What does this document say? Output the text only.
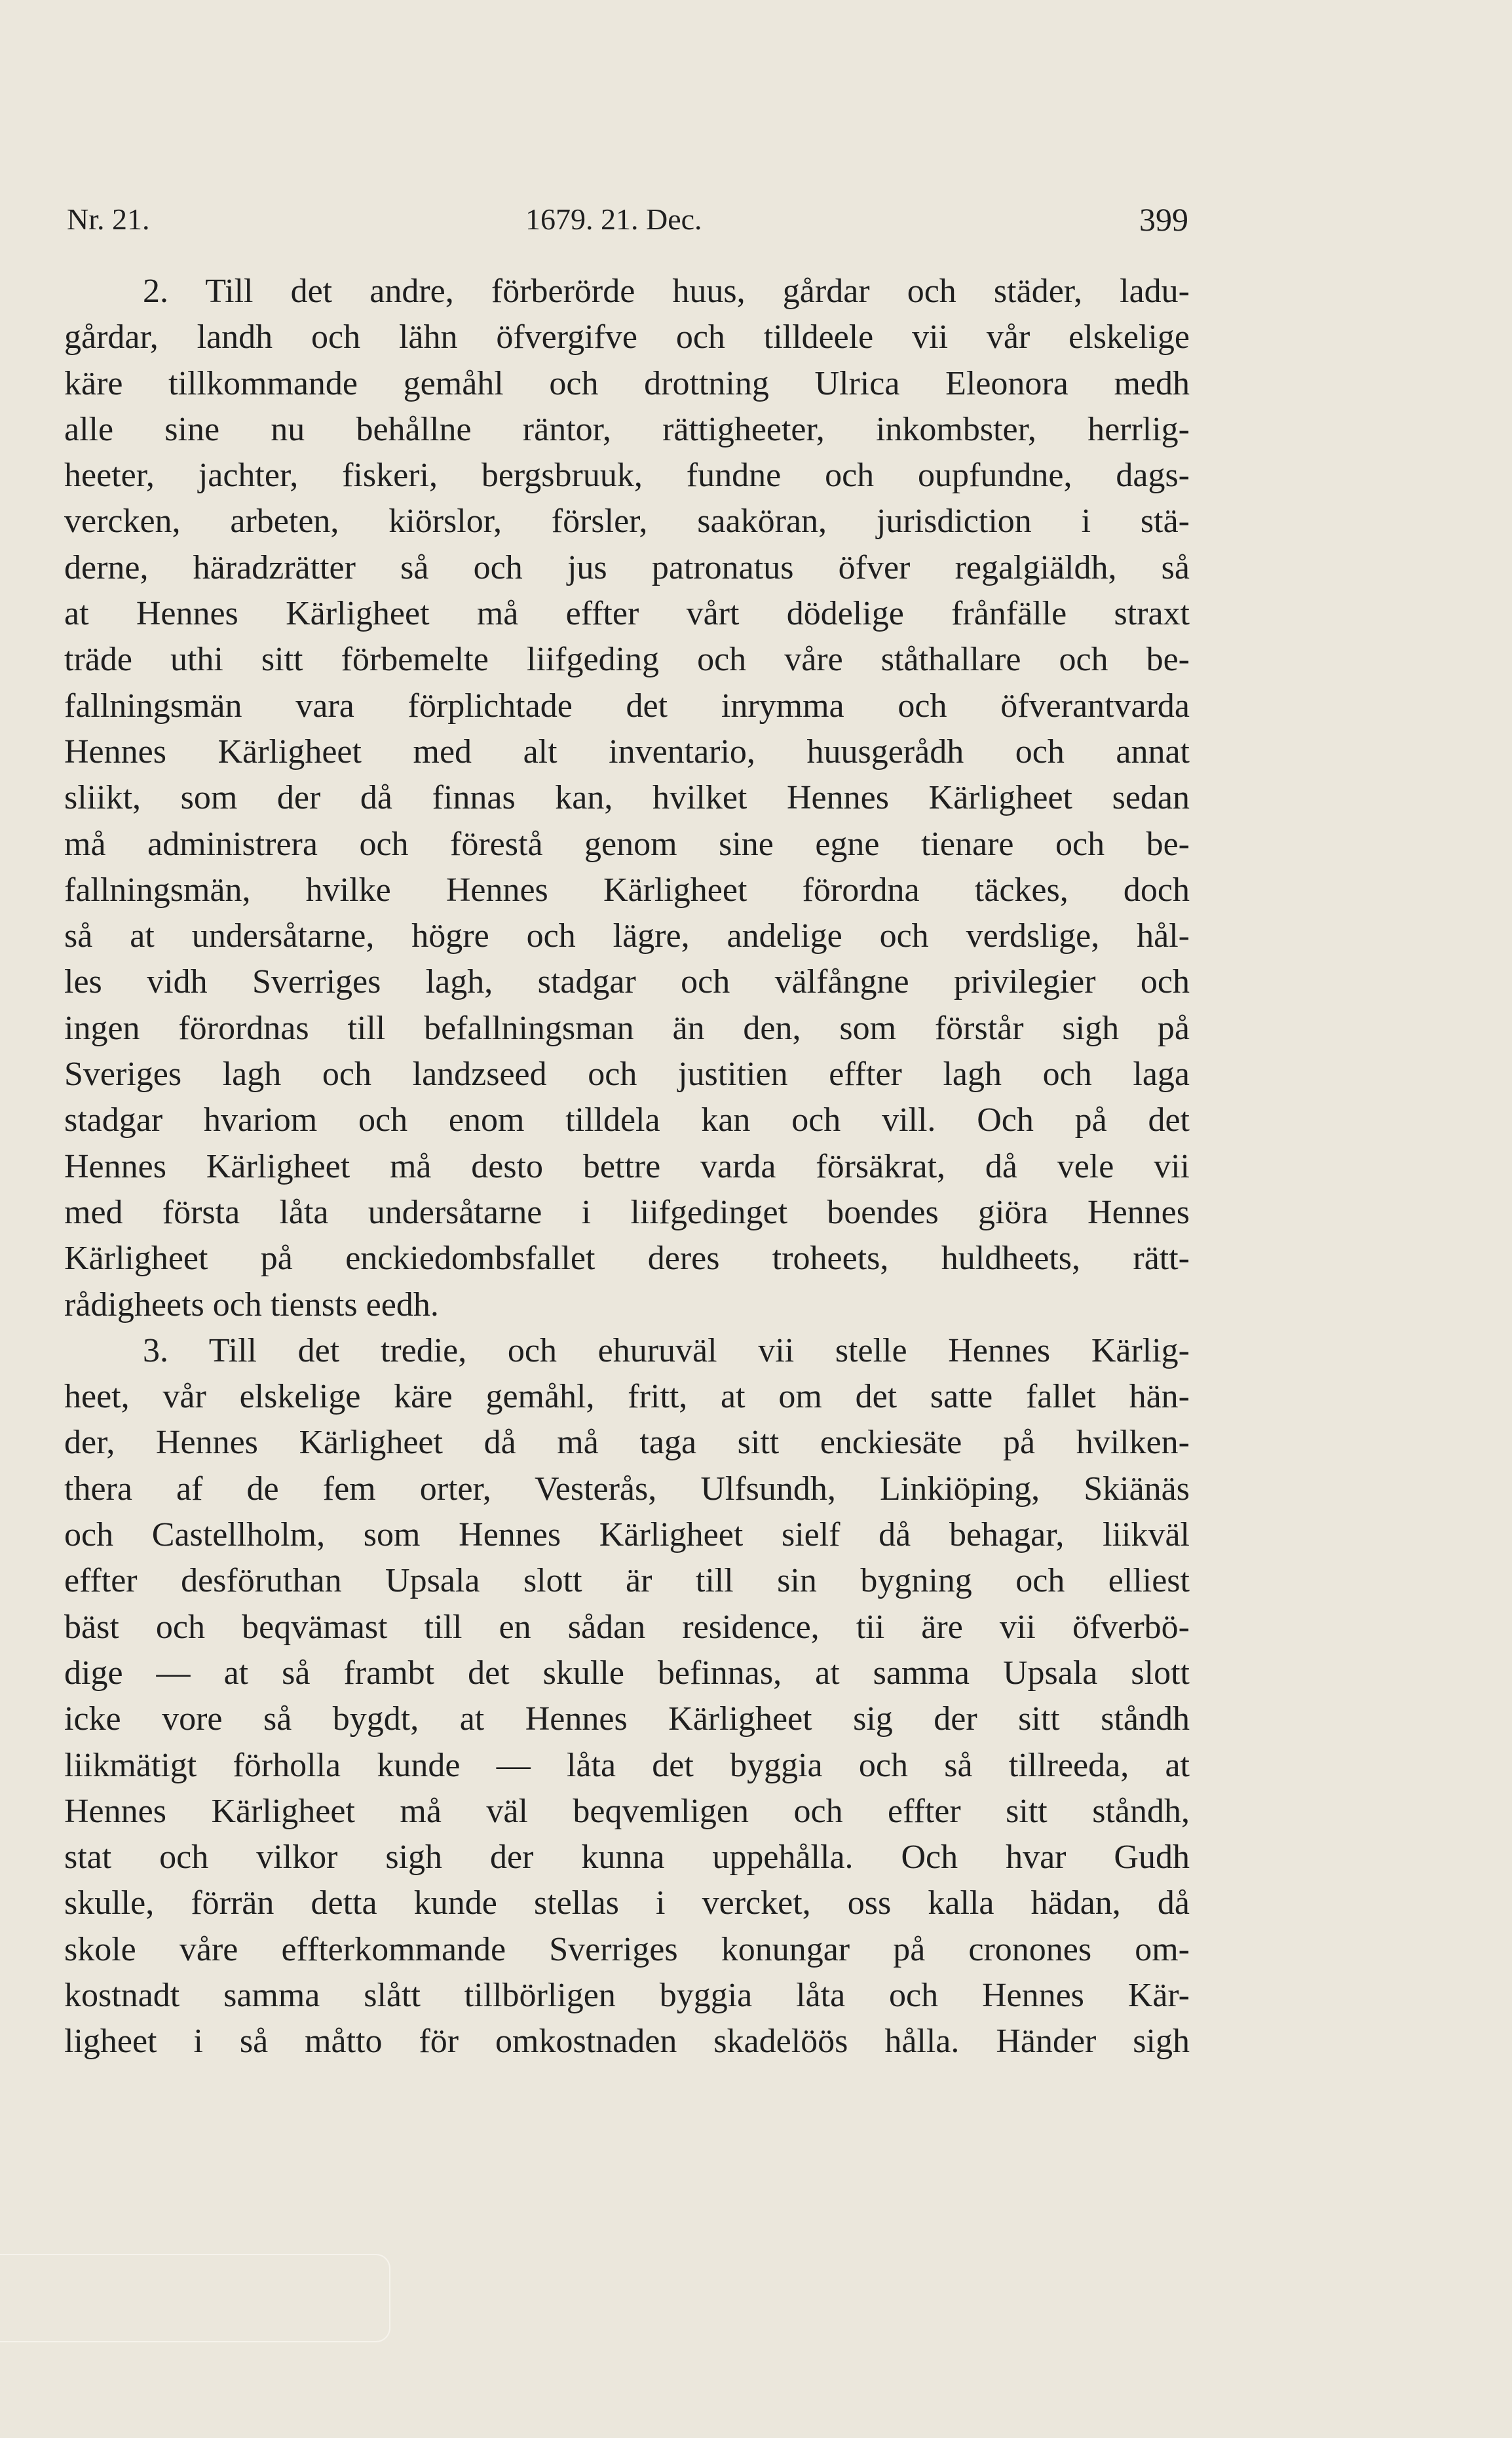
Nr. 21.	1679. 21. Dec.	399
2. Till det andre, förberörde huus, gårdar och städer, ladu-
gårdar, landh och lähn öfvergifve och tilldeele vii vår elskelige
käre tillkommande gemåhl och drottning Ulrica Eleonora medh
alle sine nu behållne räntor, rättigheeter, inkombster, herrlig-
heeter, jachter, fiskeri, bergsbruuk, fundne och oupfundne, dags-
vercken, arbeten, kiörslor, försler, saaköran, jurisdiction i stä-
derne, häradzrätter så och jus patronatus öfver regalgiäldh, så
at Hennes Kärligheet må effter vårt dödelige frånfälle straxt
träde uthi sitt förbemelte liifgeding och våre ståthallare och be-
fallningsmän vara förplichtade det inrymma och öfverantvarda
Hennes Kärligheet med alt inventario, huusgerådh och annat
sliikt, som der då finnas kan, hvilket Hennes Kärligheet sedan
må administrera och förestå genom sine egne tienare och be-
fallningsmän, hvilke Hennes Kärligheet förordna täckes, doch
så at undersåtarne, högre och lägre, andelige och verdslige, hål-
les vidh Sverriges lagh, stadgar och välfångne privilegier och
ingen förordnas till befallningsman än den, som förstår sigh på
Sveriges lagh och landzseed och justitien effter lagh och laga
stadgar hvariom och enom tilldela kan och vill. Och på det
Hennes Kärligheet må desto bettre varda försäkrat, då vele vii
med första låta undersåtarne i liifgedinget boendes giöra Hennes
Kärligheet på enckiedombsfallet deres troheets, huldheets, rätt-
rådigheets och tiensts eedh.
3. Till det tredie, och ehuruväl vii stelle Hennes Kärlig-
heet, vår elskelige käre gemåhl, fritt, at om det satte fallet hän-
der, Hennes Kärligheet då må taga sitt enckiesäte på hvilken-
thera af de fem orter, Vesterås, Ulfsundh, Linkiöping, Skiänäs
och Castellholm, som Hennes Kärligheet sielf då behagar, liikväl
effter desföruthan Upsala slott är till sin bygning och elliest
bäst och beqvämast till en sådan residence, tii äre vii öfverbö-
dige — at så frambt det skulle befinnas, at samma Upsala slott
icke vore så bygdt, at Hennes Kärligheet sig der sitt ståndh
liikmätigt förholla kunde — låta det byggia och så tillreeda, at
Hennes Kärligheet må väl beqvemligen och effter sitt ståndh,
stat och vilkor sigh der kunna uppehålla. Och hvar Gudh
skulle, förrän detta kunde stellas i vercket, oss kalla hädan, då
skole våre effterkommande Sverriges konungar på cronones om-
kostnadt samma slått tillbörligen byggia låta och Hennes Kär-
ligheet i så måtto för omkostnaden skadelöös hålla. Händer sigh
